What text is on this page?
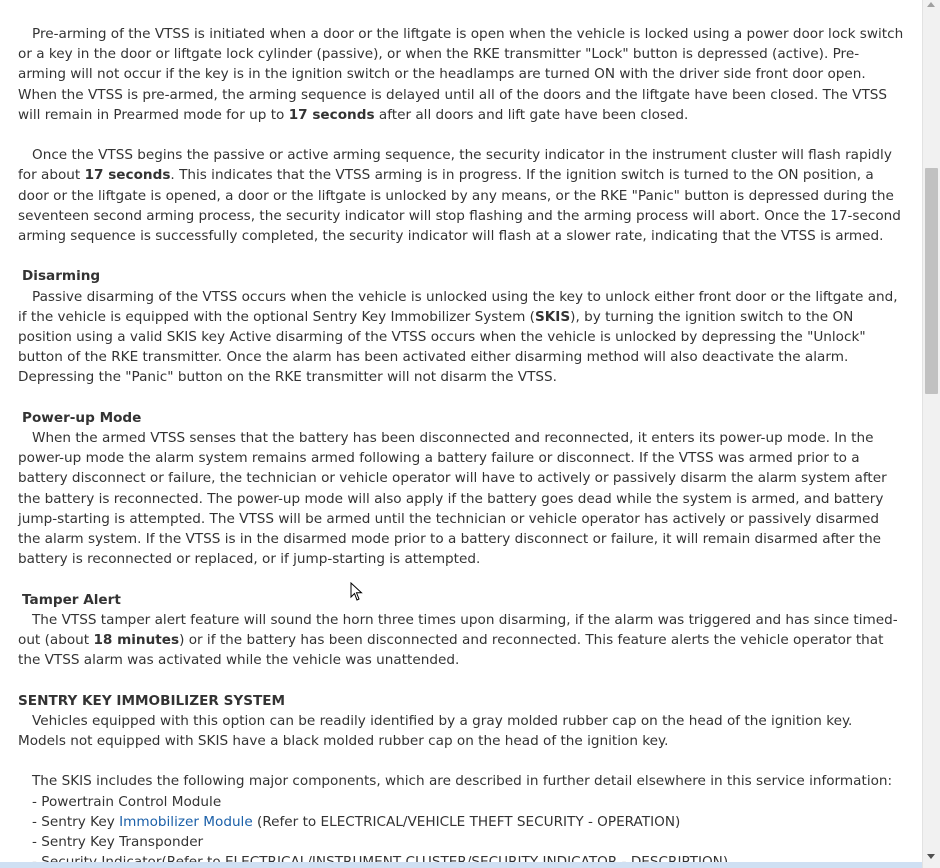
Pre-arming of the VTSS is initiated when a door or the liftgate is open when the vehicle is locked using a power door lock switch or a key in the door or liftgate lock cylinder (passive), or when the RKE transmitter "Lock" button is depressed (active). Pre-arming will not occur if the key is in the ignition switch or the headlamps are turned ON with the driver side front door open. When the VTSS is pre-armed, the arming sequence is delayed until all of the doors and the liftgate have been closed. The VTSS will remain in Prearmed mode for up to 17 seconds after all doors and lift gate have been closed.

Once the VTSS begins the passive or active arming sequence, the security indicator in the instrument cluster will flash rapidly for about 17 seconds. This indicates that the VTSS arming is in progress. If the ignition switch is turned to the ON position, a door or the liftgate is opened, a door or the liftgate is unlocked by any means, or the RKE "Panic" button is depressed during the seventeen second arming process, the security indicator will stop flashing and the arming process will abort. Once the 17-second arming sequence is successfully completed, the security indicator will flash at a slower rate, indicating that the VTSS is armed.

Disarming
Passive disarming of the VTSS occurs when the vehicle is unlocked using the key to unlock either front door or the liftgate and, if the vehicle is equipped with the optional Sentry Key Immobilizer System (SKIS), by turning the ignition switch to the ON position using a valid SKIS key Active disarming of the VTSS occurs when the vehicle is unlocked by depressing the "Unlock" button of the RKE transmitter. Once the alarm has been activated either disarming method will also deactivate the alarm. Depressing the "Panic" button on the RKE transmitter will not disarm the VTSS.
Power-up Mode
When the armed VTSS senses that the battery has been disconnected and reconnected, it enters its power-up mode. In the power-up mode the alarm system remains armed following a battery failure or disconnect. If the VTSS was armed prior to a battery disconnect or failure, the technician or vehicle operator will have to actively or passively disarm the alarm system after the battery is reconnected. The power-up mode will also apply if the battery goes dead while the system is armed, and battery jump-starting is attempted. The VTSS will be armed until the technician or vehicle operator has actively or passively disarmed the alarm system. If the VTSS is in the disarmed mode prior to a battery disconnect or failure, it will remain disarmed after the battery is reconnected or replaced, or if jump-starting is attempted.
Tamper Alert
The VTSS tamper alert feature will sound the horn three times upon disarming, if the alarm was triggered and has since timed-out (about 18 minutes) or if the battery has been disconnected and reconnected. This feature alerts the vehicle operator that the VTSS alarm was activated while the vehicle was unattended.
SENTRY KEY IMMOBILIZER SYSTEM
Vehicles equipped with this option can be readily identified by a gray molded rubber cap on the head of the ignition key. Models not equipped with SKIS have a black molded rubber cap on the head of the ignition key.
The SKIS includes the following major components, which are described in further detail elsewhere in this service information:
- Powertrain Control Module
- Sentry Key Immobilizer Module (Refer to ELECTRICAL/VEHICLE THEFT SECURITY - OPERATION)
- Sentry Key Transponder
